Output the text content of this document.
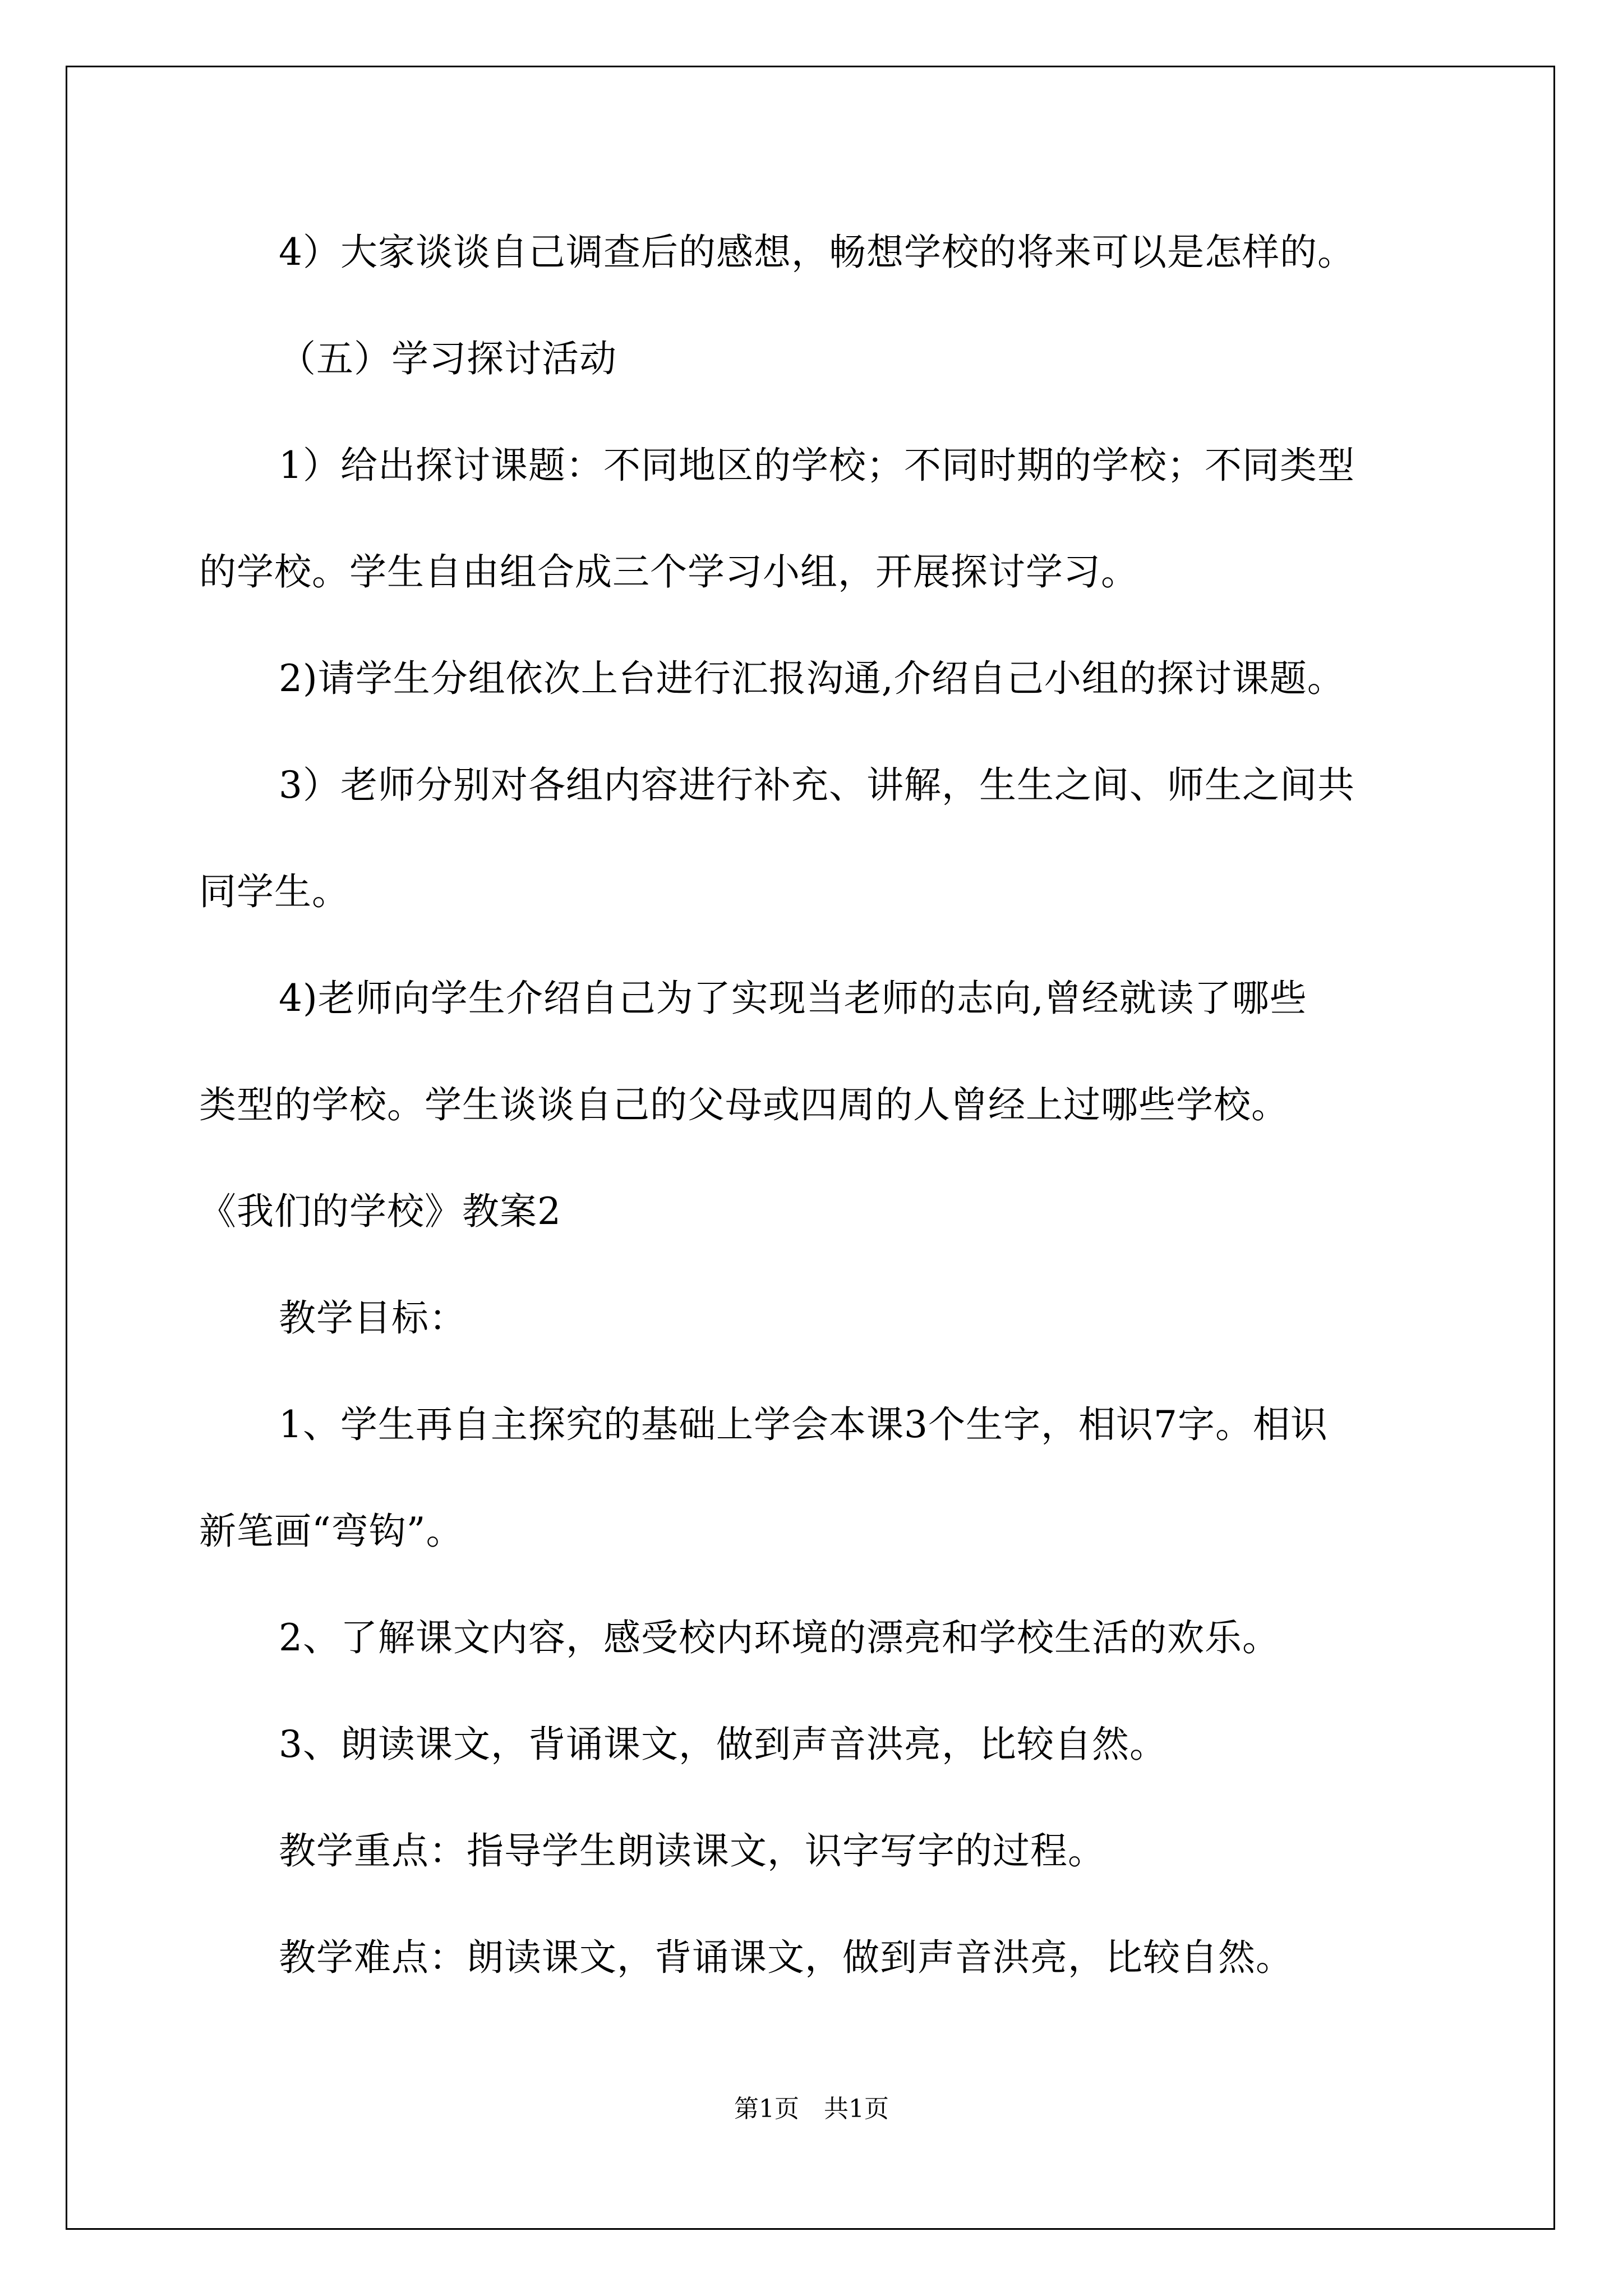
4）大家谈谈自己调查后的感想，畅想学校的将来可以是怎样的。
（五）学习探讨活动
1）给出探讨课题：不同地区的学校；不同时期的学校；不同类型
的学校。学生自由组合成三个学习小组，开展探讨学习。
2)请学生分组依次上台进行汇报沟通,介绍自己小组的探讨课题。
3）老师分别对各组内容进行补充、讲解，生生之间、师生之间共
同学生。
4)老师向学生介绍自己为了实现当老师的志向,曾经就读了哪些
类型的学校。学生谈谈自己的父母或四周的人曾经上过哪些学校。
《我们的学校》教案2
教学目标：
1、学生再自主探究的基础上学会本课3个生字，相识7字。相识
新笔画“弯钩”。
2、了解课文内容，感受校内环境的漂亮和学校生活的欢乐。
3、朗读课文，背诵课文，做到声音洪亮，比较自然。
教学重点：指导学生朗读课文，识字写字的过程。
教学难点：朗读课文，背诵课文，做到声音洪亮，比较自然。
第1页　共1页
